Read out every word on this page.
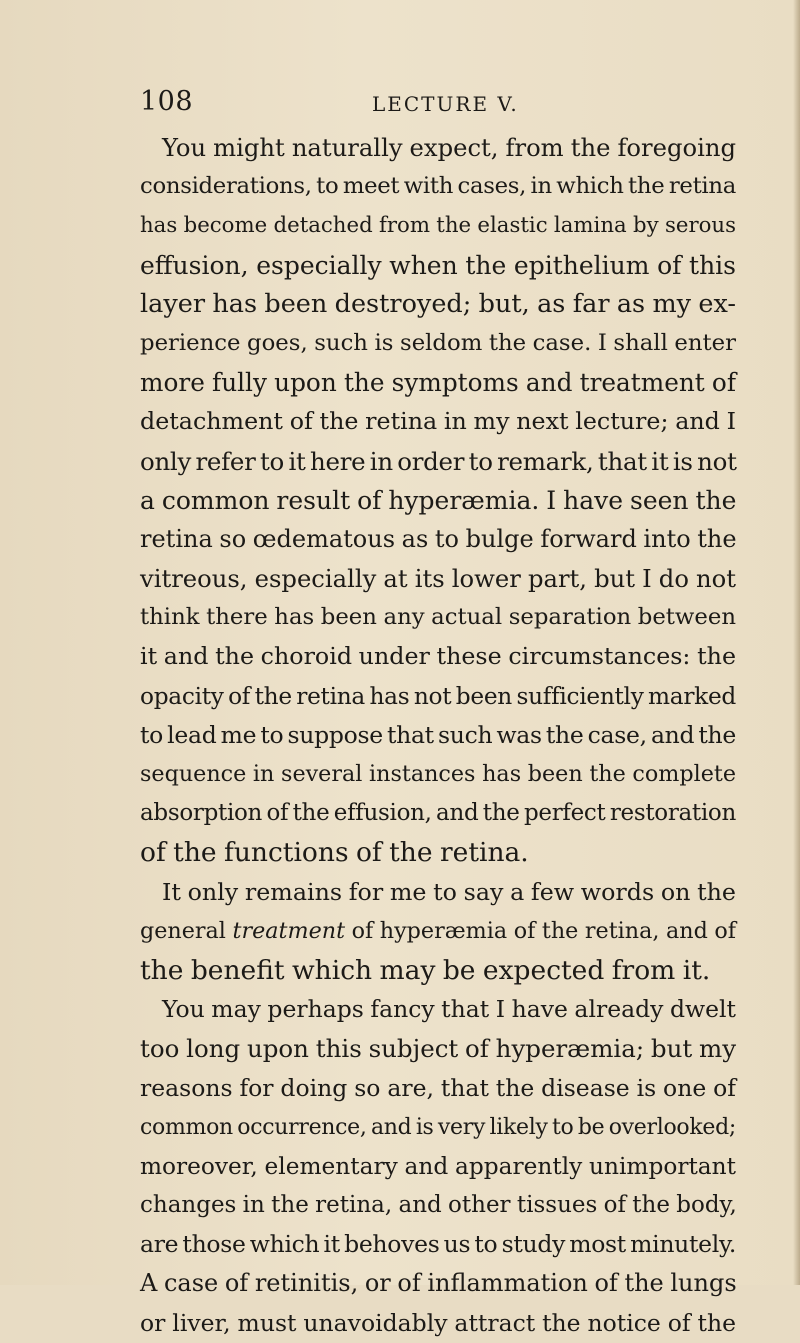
108	LECTURE V.
You might naturally expect, from the foregoing
considerations, to meet with cases, in which the retina
has become detached from the elastic lamina by serous
effusion, especially when the epithelium of this
layer has been destroyed; but, as far as my ex-
perience goes, such is seldom the case. I shall enter
more fully upon the symptoms and treatment of
detachment of the retina in my next lecture; and I
only refer to it here in order to remark, that it is not
a common result of hyperæmia. I have seen the
retina so œdematous as to bulge forward into the
vitreous, especially at its lower part, but I do not
think there has been any actual separation between
it and the choroid under these circumstances: the
opacity of the retina has not been sufficiently marked
to lead me to suppose that such was the case, and the
sequence in several instances has been the complete
absorption of the effusion, and the perfect restoration
of the functions of the retina.
It only remains for me to say a few words on the
general treatment of hyperæmia of the retina, and of
the benefit which may be expected from it.
You may perhaps fancy that I have already dwelt
too long upon this subject of hyperæmia; but my
reasons for doing so are, that the disease is one of
common occurrence, and is very likely to be overlooked;
moreover, elementary and apparently unimportant
changes in the retina, and other tissues of the body,
are those which it behoves us to study most minutely.
A case of retinitis, or of inflammation of the lungs
or liver, must unavoidably attract the notice of the
